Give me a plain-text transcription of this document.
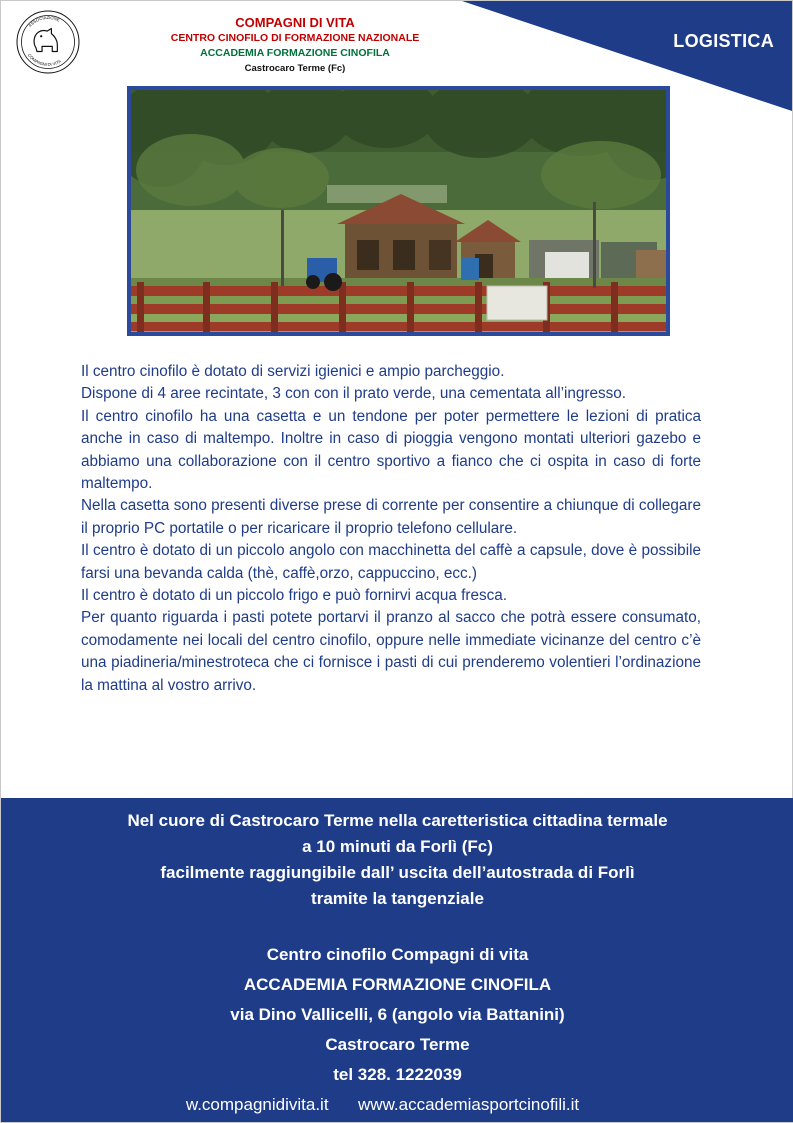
LOGISTICA
ASSOCIAZIONE
COMPAGNI DI VITA
COMPAGNI DI VITA
CENTRO CINOFILO DI FORMAZIONE NAZIONALE
ACCADEMIA FORMAZIONE CINOFILA
Castrocaro Terme (Fc)

Il centro cinofilo è dotato di servizi igienici e ampio parcheggio.

Dispone di 4 aree recintate, 3 con con il prato verde, una cementata all’ingresso.

Il centro cinofilo ha una casetta e un tendone per poter permettere le lezioni di pratica anche in caso di maltempo. Inoltre in caso di pioggia vengono montati ulteriori gazebo e abbiamo una collaborazione con il centro sportivo a fianco che ci ospita in caso di forte maltempo.

Nella casetta sono presenti diverse prese di corrente per consentire a chiunque di collegare il proprio PC portatile o per ricaricare il proprio telefono cellulare.

Il centro è dotato di un piccolo angolo con macchinetta del caffè a capsule, dove è possibile farsi una bevanda calda (thè, caffè,orzo, cappuccino, ecc.)

Il centro è dotato di un piccolo frigo e può fornirvi acqua fresca.

Per quanto riguarda i pasti potete portarvi il pranzo al sacco che potrà essere consumato, comodamente nei locali del centro cinofilo, oppure nelle immediate vicinanze del centro c’è una piadineria/minestroteca che ci fornisce i pasti di cui prenderemo volentieri l’ordinazione la mattina al vostro arrivo.

Nel cuore di Castrocaro Terme nella caretteristica cittadina termale
a 10 minuti da Forlì (Fc)
facilmente raggiungibile dall’ uscita dell’autostrada di Forlì
tramite la tangenziale
Centro cinofilo Compagni di vita
ACCADEMIA FORMAZIONE CINOFILA
via Dino Vallicelli, 6 (angolo via Battanini)
Castrocaro Terme
tel 328. 1222039
w.compagnidivita.it www.accademiasportcinofili.it
